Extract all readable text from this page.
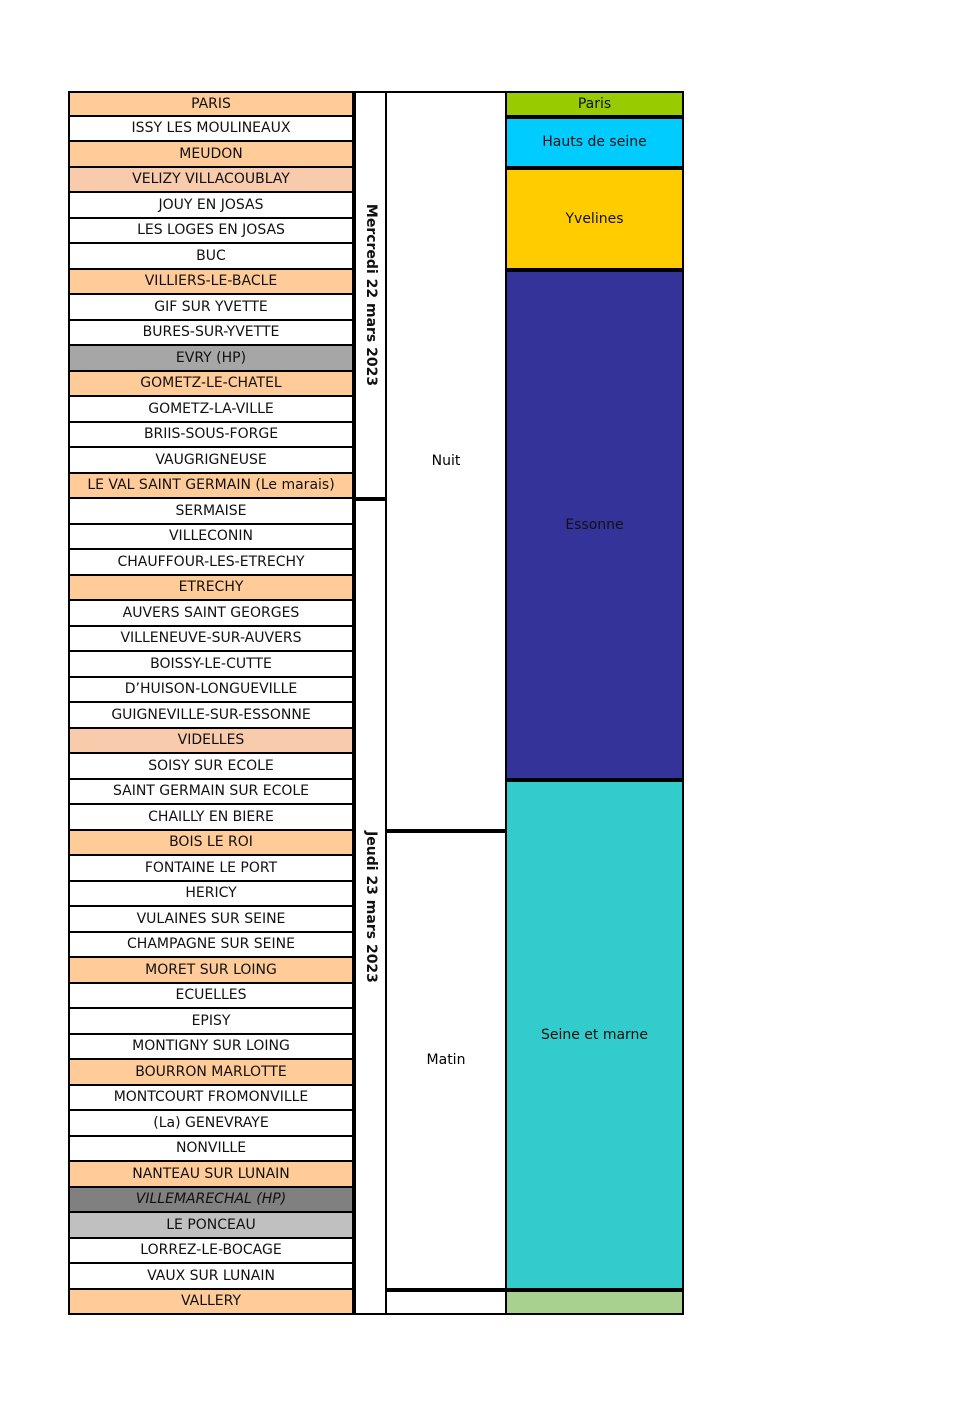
PARIS
ISSY LES MOULINEAUX
MEUDON
VELIZY VILLACOUBLAY
JOUY EN JOSAS
LES LOGES EN JOSAS
BUC
VILLIERS-LE-BACLE
GIF SUR YVETTE
BURES-SUR-YVETTE
EVRY (HP)
GOMETZ-LE-CHATEL
GOMETZ-LA-VILLE
BRIIS-SOUS-FORGE
VAUGRIGNEUSE
LE VAL SAINT GERMAIN (Le marais)
SERMAISE
VILLECONIN
CHAUFFOUR-LES-ETRECHY
ETRECHY
AUVERS SAINT GEORGES
VILLENEUVE-SUR-AUVERS
BOISSY-LE-CUTTE
D’HUISON-LONGUEVILLE
GUIGNEVILLE-SUR-ESSONNE
VIDELLES
SOISY SUR ECOLE
SAINT GERMAIN SUR ECOLE
CHAILLY EN BIERE
BOIS LE ROI
FONTAINE LE PORT
HERICY
VULAINES SUR SEINE
CHAMPAGNE SUR SEINE
MORET SUR LOING
ECUELLES
EPISY
MONTIGNY SUR LOING
BOURRON MARLOTTE
MONTCOURT FROMONVILLE
(La) GENEVRAYE
NONVILLE
NANTEAU SUR LUNAIN
VILLEMARECHAL (HP)
LE PONCEAU
LORREZ-LE-BOCAGE
VAUX SUR LUNAIN
VALLERY
Mercredi 22 mars 2023
Jeudi 23 mars 2023
Nuit
Matin
Paris
Hauts de seine
Yvelines
Essonne
Seine et marne
